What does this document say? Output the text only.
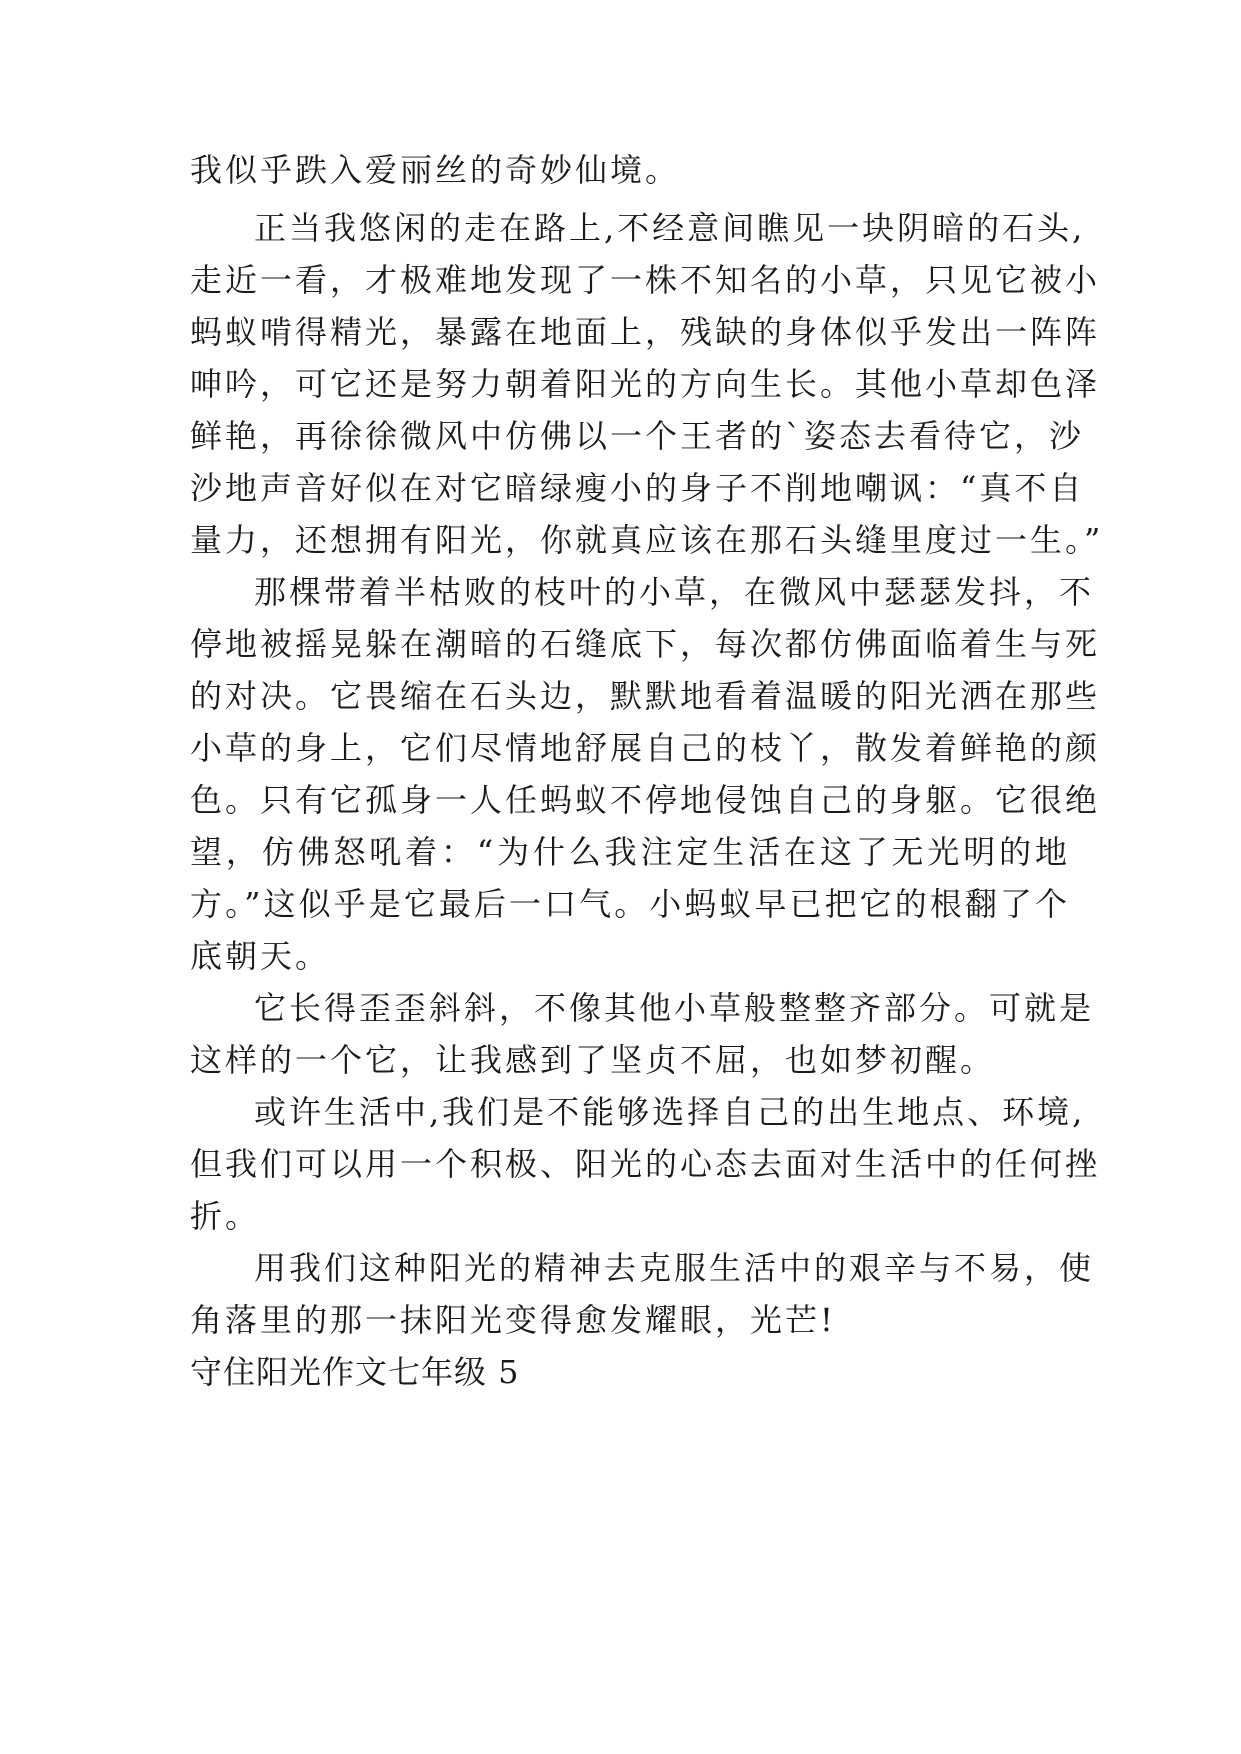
我似乎跌入爱丽丝的奇妙仙境。

正当我悠闲的走在路上,不经意间瞧见一块阴暗的石头,

走近一看，才极难地发现了一株不知名的小草，只见它被小

蚂蚁啃得精光，暴露在地面上，残缺的身体似乎发出一阵阵

呻吟，可它还是努力朝着阳光的方向生长。其他小草却色泽

鲜艳，再徐徐微风中仿佛以一个王者的`姿态去看待它，沙

沙地声音好似在对它暗绿瘦小的身子不削地嘲讽：“真不自

量力，还想拥有阳光，你就真应该在那石头缝里度过一生。”

那棵带着半枯败的枝叶的小草，在微风中瑟瑟发抖，不

停地被摇晃躲在潮暗的石缝底下，每次都仿佛面临着生与死

的对决。它畏缩在石头边，默默地看着温暖的阳光洒在那些

小草的身上，它们尽情地舒展自己的枝丫，散发着鲜艳的颜

色。只有它孤身一人任蚂蚁不停地侵蚀自己的身躯。它很绝

望，仿佛怒吼着：“为什么我注定生活在这了无光明的地

方。”这似乎是它最后一口气。小蚂蚁早已把它的根翻了个

底朝天。

它长得歪歪斜斜，不像其他小草般整整齐部分。可就是

这样的一个它，让我感到了坚贞不屈，也如梦初醒。

或许生活中,我们是不能够选择自己的出生地点、环境,

但我们可以用一个积极、阳光的心态去面对生活中的任何挫

折。

用我们这种阳光的精神去克服生活中的艰辛与不易，使

角落里的那一抹阳光变得愈发耀眼，光芒!

守住阳光作文七年级 5
